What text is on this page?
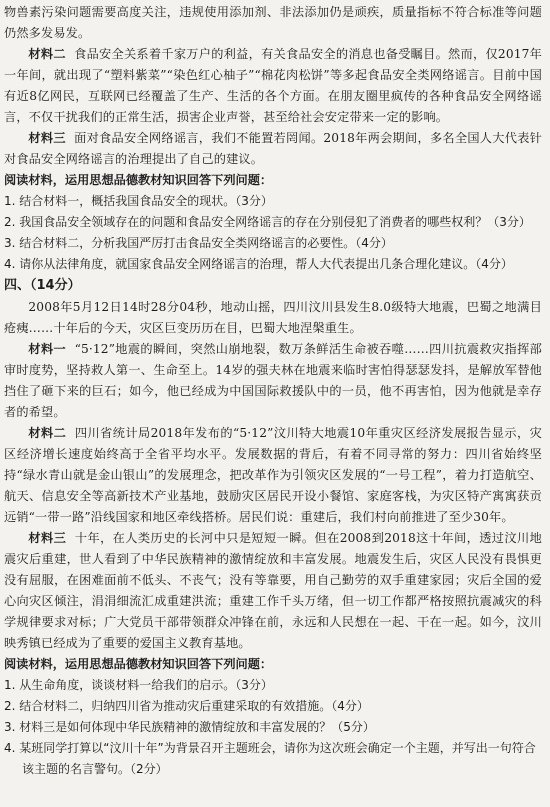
物兽素污染问题需要高度关注，违规使用添加剂、非法添加仍是顽疾，质量指标不符合标准等问题仍然多发易发。

材料二 食品安全关系着千家万户的利益，有关食品安全的消息也备受瞩目。然而，仅2017年一年间，就出现了“塑料紫菜”“染色红心柚子”“棉花肉松饼”等多起食品安全类网络谣言。目前中国有近8亿网民，互联网已经覆盖了生产、生活的各个方面。在朋友圈里疯传的各种食品安全网络谣言，不仅干扰我们的正常生活，损害企业声誉，甚至给社会安定带来一定的影响。

材料三 面对食品安全网络谣言，我们不能置若罔闻。2018年两会期间，多名全国人大代表针对食品安全网络谣言的治理提出了自己的建议。

阅读材料，运用思想品德教材知识回答下列问题：

1. 结合材料一，概括我国食品安全的现状。（3分）

2. 我国食品安全领域存在的问题和食品安全网络谣言的存在分别侵犯了消费者的哪些权利？（3分）

3. 结合材料二，分析我国严厉打击食品安全类网络谣言的必要性。（4分）

4. 请你从法律角度，就国家食品安全网络谣言的治理，帮人大代表提出几条合理化建议。（4分）

四、（14分）

2008年5月12日14时28分04秒，地动山摇，四川汶川县发生8.0级特大地震，巴蜀之地满目疮痍……十年后的今天，灾区巨变历历在目，巴蜀大地涅槃重生。

材料一 “5·12”地震的瞬间，突然山崩地裂，数万条鲜活生命被吞噬……四川抗震救灾指挥部审时度势，坚持救人第一、生命至上。14岁的强夫林在地震来临时害怕得瑟瑟发抖，是解放军替他挡住了砸下来的巨石；如今，他已经成为中国国际救援队中的一员，他不再害怕，因为他就是幸存者的希望。

材料二 四川省统计局2018年发布的“5·12”汶川特大地震10年重灾区经济发展报告显示，灾区经济增长速度始终高于全省平均水平。发展数据的背后，有着不同寻常的努力：四川省始终坚持“绿水青山就是金山银山”的发展理念，把改革作为引领灾区发展的“一号工程”，着力打造航空、航天、信息安全等高新技术产业基地，鼓励灾区居民开设小餐馆、家庭客栈，为灾区特产寓寓获贡远销“一带一路”沿线国家和地区牵线搭桥。居民们说：重建后，我们村向前推进了至少30年。

材料三 十年，在人类历史的长河中只是短短一瞬。但在2008到2018这十年间，透过汶川地震灾后重建，世人看到了中华民族精神的激情绽放和丰富发展。地震发生后，灾区人民没有畏惧更没有屈服，在困难面前不低头、不丧气；没有等靠要，用自己勤劳的双手重建家园；灾后全国的爱心向灾区倾注，涓涓细流汇成重建洪流；重建工作千头万绪，但一切工作都严格按照抗震减灾的科学规律要求对标；广大党员干部带领群众冲锋在前，永远和人民想在一起、干在一起。如今，汶川映秀镇已经成为了重要的爱国主义教育基地。

阅读材料，运用思想品德教材知识回答下列问题：

1. 从生命角度，谈谈材料一给我们的启示。（3分）

2. 结合材料二，归纳四川省为推动灾后重建采取的有效措施。（4分）

3. 材料三是如何体现中华民族精神的激情绽放和丰富发展的？（5分）

4. 某班同学打算以“汶川十年”为背景召开主题班会，请你为这次班会确定一个主题，并写出一句符合该主题的名言警句。（2分）
